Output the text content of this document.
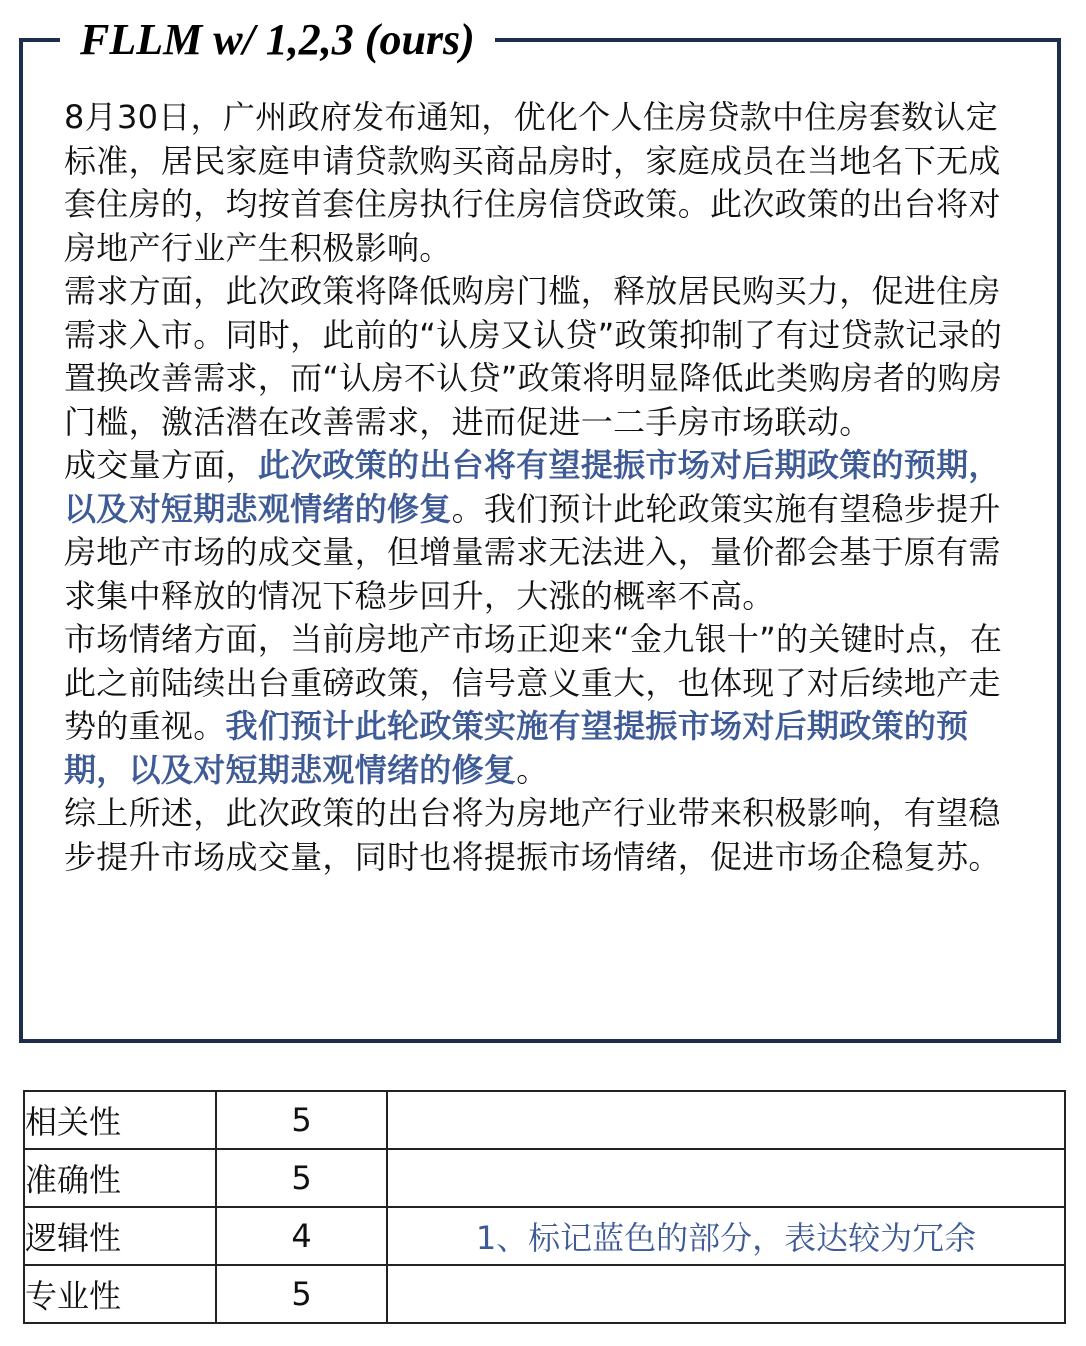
FLLM w/ 1,2,3 (ours)

8月30日，广州政府发布通知，优化个人住房贷款中住房套数认定标准，居民家庭申请贷款购买商品房时，家庭成员在当地名下无成套住房的，均按首套住房执行住房信贷政策。此次政策的出台将对房地产行业产生积极影响。

需求方面，此次政策将降低购房门槛，释放居民购买力，促进住房需求入市。同时，此前的“认房又认贷”政策抑制了有过贷款记录的置换改善需求，而“认房不认贷”政策将明显降低此类购房者的购房门槛，激活潜在改善需求，进而促进一二手房市场联动。

成交量方面，此次政策的出台将有望提振市场对后期政策的预期，以及对短期悲观情绪的修复。我们预计此轮政策实施有望稳步提升房地产市场的成交量，但增量需求无法进入，量价都会基于原有需求集中释放的情况下稳步回升，大涨的概率不高。

市场情绪方面，当前房地产市场正迎来“金九银十”的关键时点，在此之前陆续出台重磅政策，信号意义重大，也体现了对后续地产走势的重视。我们预计此轮政策实施有望提振市场对后期政策的预期，以及对短期悲观情绪的修复。

综上所述，此次政策的出台将为房地产行业带来积极影响，有望稳步提升市场成交量，同时也将提振市场情绪，促进市场企稳复苏。

相关性	5	
准确性	5	
逻辑性	4	1、标记蓝色的部分，表达较为冗余
专业性	5	
